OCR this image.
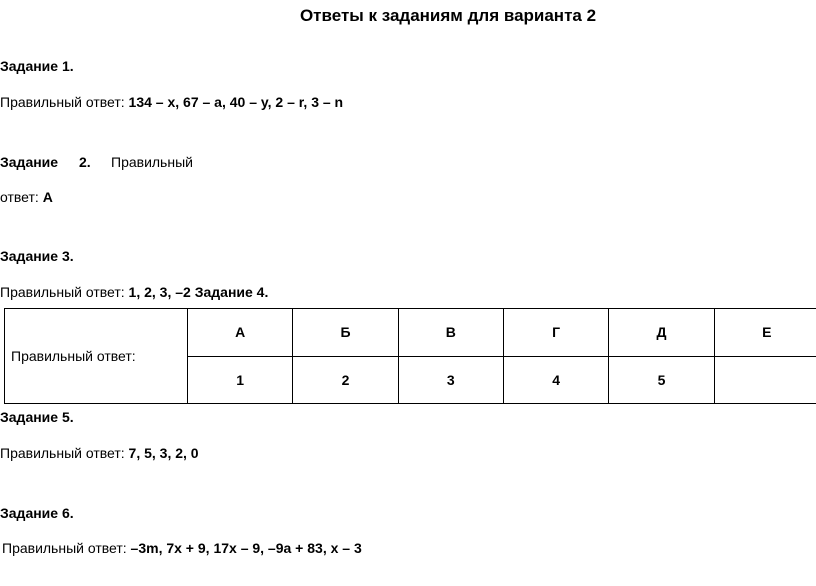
Ответы к заданиям для варианта 2
Задание 1.
Правильный ответ: 134 – x, 67 – a, 40 – y, 2 – r, 3 – n
Задание 2. Правильный
ответ: А
Задание 3.
Правильный ответ: 1, 2, 3, –2 Задание 4.
Правильный ответ:	А	Б	В	Г	Д	Е
	1	2	3	4	5	
Задание 5.
Правильный ответ: 7, 5, 3, 2, 0
Задание 6.
Правильный ответ: –3m, 7x + 9, 17x – 9, –9a + 83, x – 3
